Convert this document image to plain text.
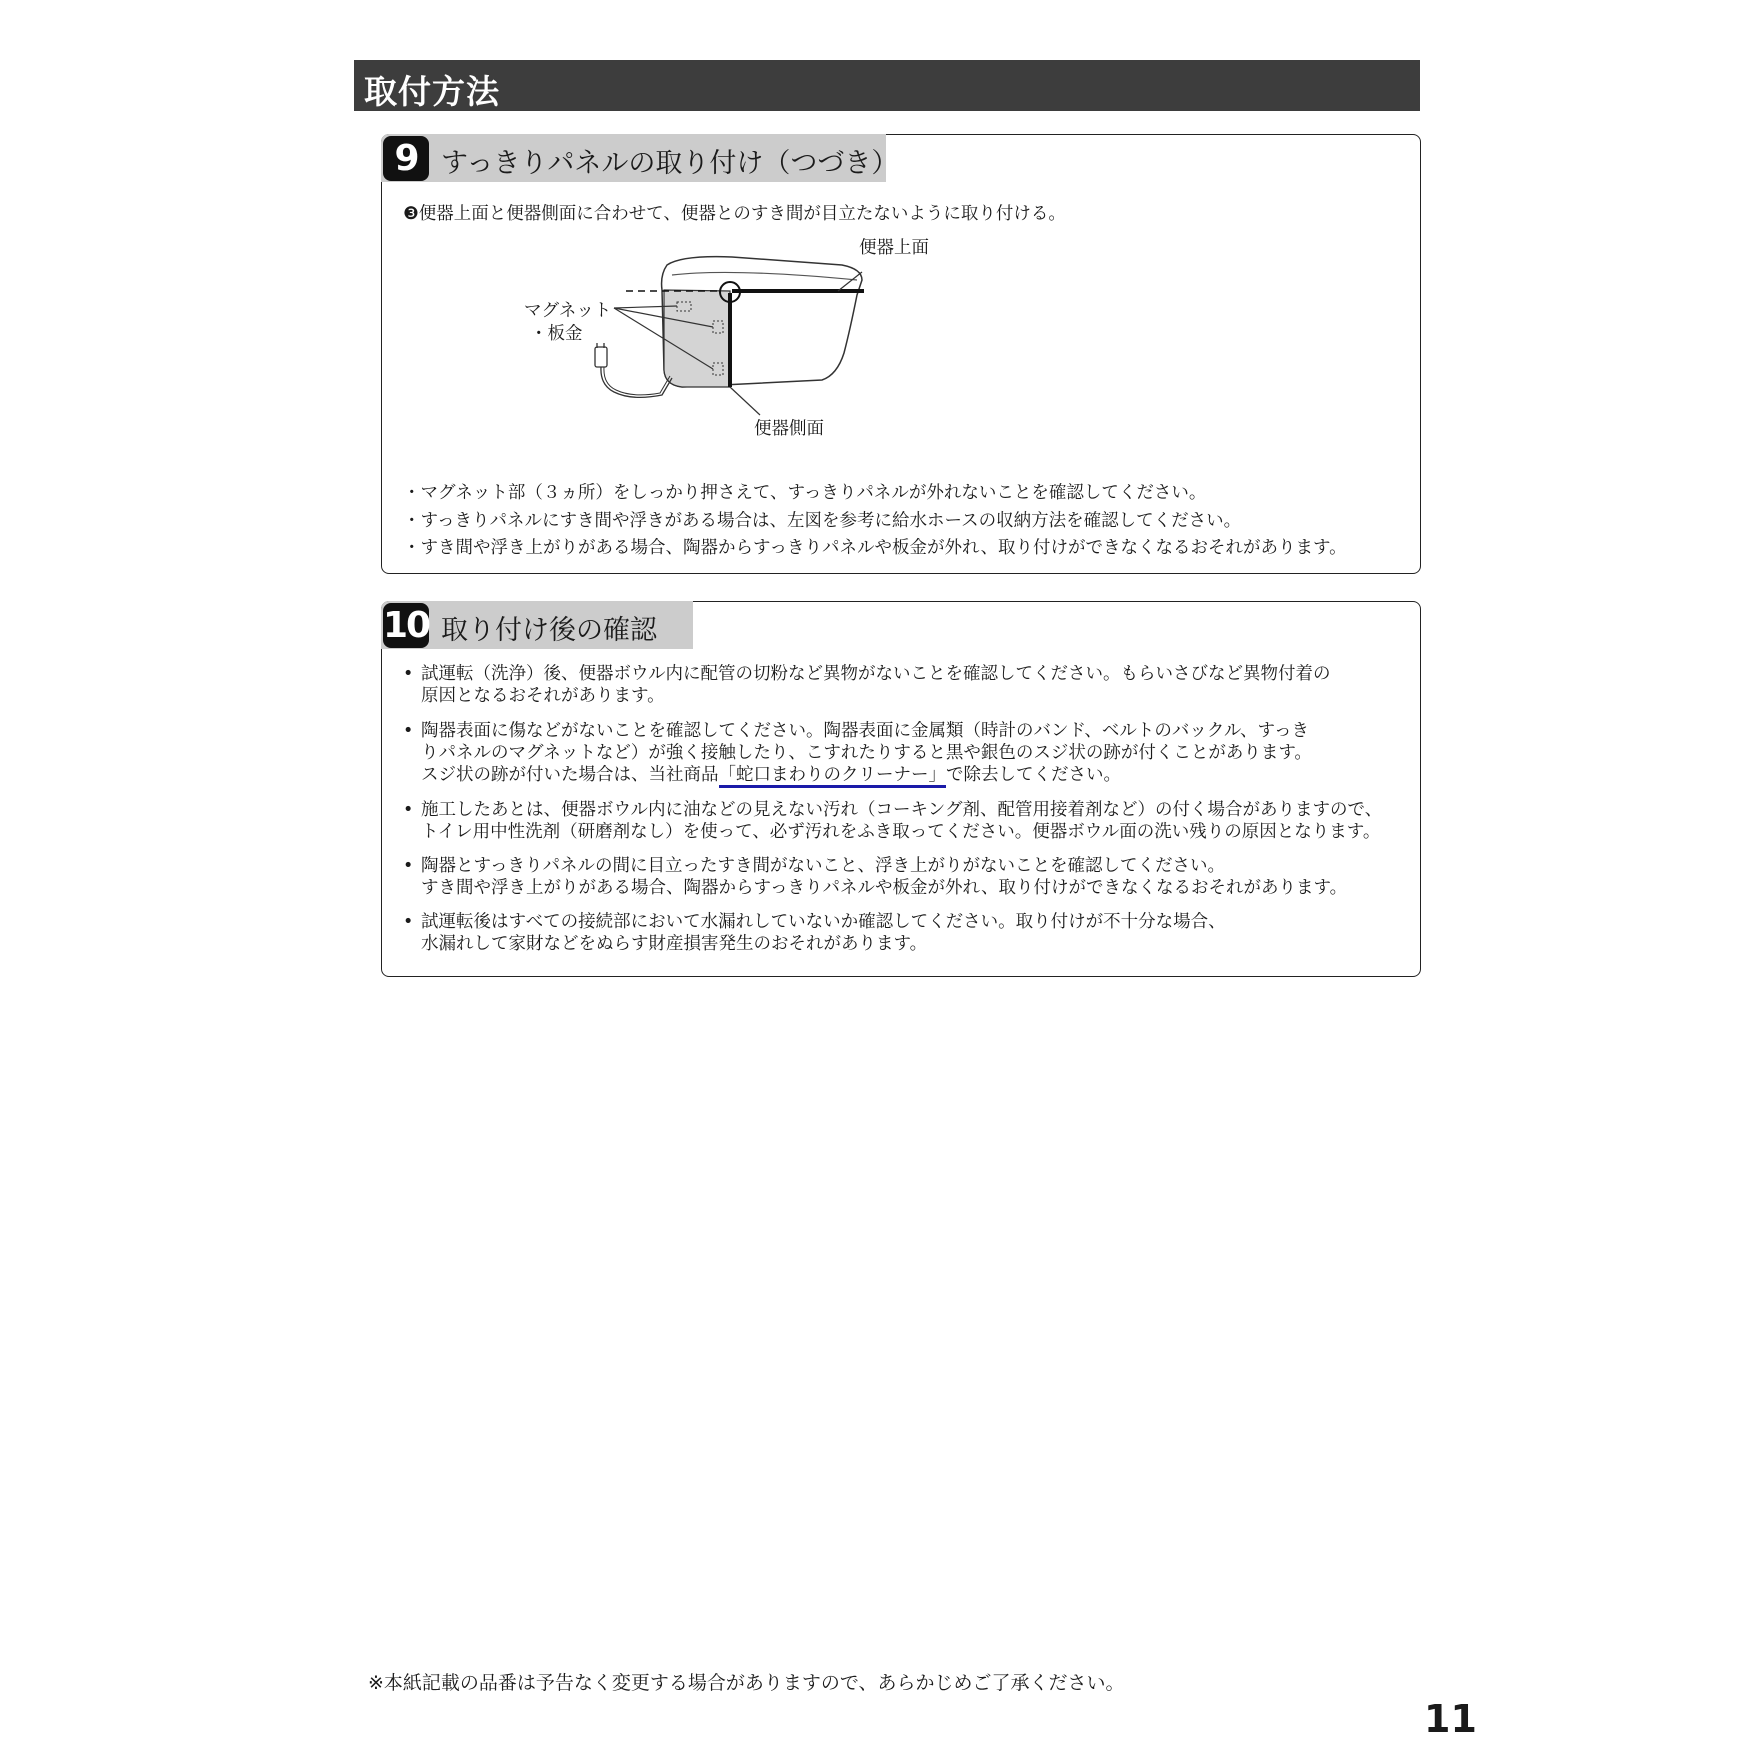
取付方法
9 すっきりパネルの取り付け（つづき）
❸便器上面と便器側面に合わせて、便器とのすき間が目立たないように取り付ける。
便器上面
マグネット
・板金
便器側面
・マグネット部（３ヵ所）をしっかり押さえて、すっきりパネルが外れないことを確認してください。
・すっきりパネルにすき間や浮きがある場合は、左図を参考に給水ホースの収納方法を確認してください。
・すき間や浮き上がりがある場合、陶器からすっきりパネルや板金が外れ、取り付けができなくなるおそれがあります。
10 取り付け後の確認
• 試運転（洗浄）後、便器ボウル内に配管の切粉など異物がないことを確認してください。もらいさびなど異物付着の
原因となるおそれがあります。
• 陶器表面に傷などがないことを確認してください。陶器表面に金属類（時計のバンド、ベルトのバックル、すっき
りパネルのマグネットなど）が強く接触したり、こすれたりすると黒や銀色のスジ状の跡が付くことがあります。
スジ状の跡が付いた場合は、当社商品「蛇口まわりのクリーナー」で除去してください。
• 施工したあとは、便器ボウル内に油などの見えない汚れ（コーキング剤、配管用接着剤など）の付く場合がありますので、
トイレ用中性洗剤（研磨剤なし）を使って、必ず汚れをふき取ってください。便器ボウル面の洗い残りの原因となります。
• 陶器とすっきりパネルの間に目立ったすき間がないこと、浮き上がりがないことを確認してください。
すき間や浮き上がりがある場合、陶器からすっきりパネルや板金が外れ、取り付けができなくなるおそれがあります。
• 試運転後はすべての接続部において水漏れしていないか確認してください。取り付けが不十分な場合、
水漏れして家財などをぬらす財産損害発生のおそれがあります。
※本紙記載の品番は予告なく変更する場合がありますので、あらかじめご了承ください。
11
